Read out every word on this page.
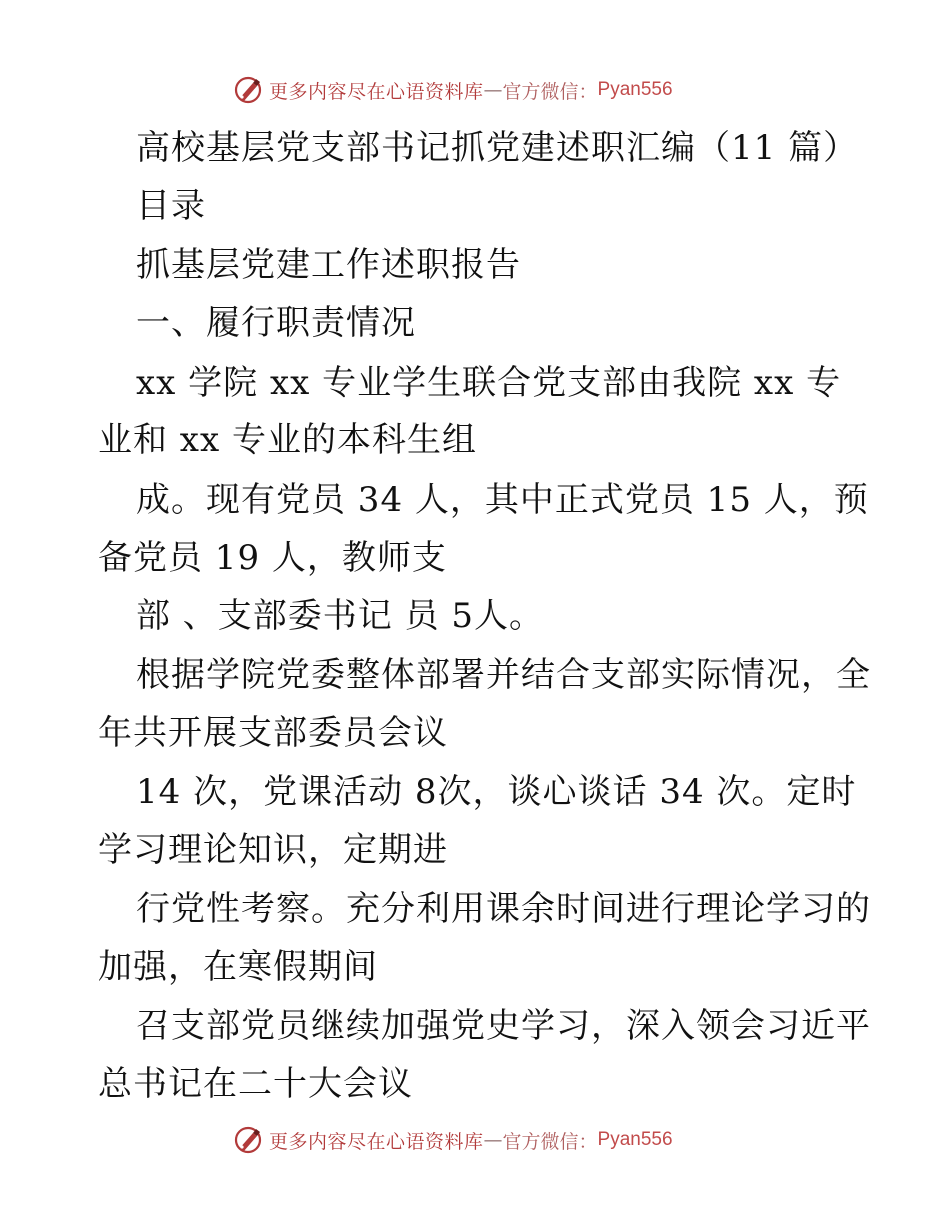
更多内容尽在心语资料库 — 官方微信： Pyan556
高校基层党支部书记抓党建述职汇编（11 篇）
目录
抓基层党建工作述职报告
一、履行职责情况
xx 学院 xx 专业学生联合党支部由我院 xx 专
业和 xx 专业的本科生组
成。现有党员 34 人，其中正式党员 15 人，预
备党员 19 人，教师支
部 、支部委书记 员 5人。
根据学院党委整体部署并结合支部实际情况，全
年共开展支部委员会议
14 次，党课活动 8次，谈心谈话 34 次。定时
学习理论知识，定期进
行党性考察。充分利用课余时间进行理论学习的
加强，在寒假期间
召支部党员继续加强党史学习，深入领会习近平
总书记在二十大会议
更多内容尽在心语资料库 — 官方微信： Pyan556
